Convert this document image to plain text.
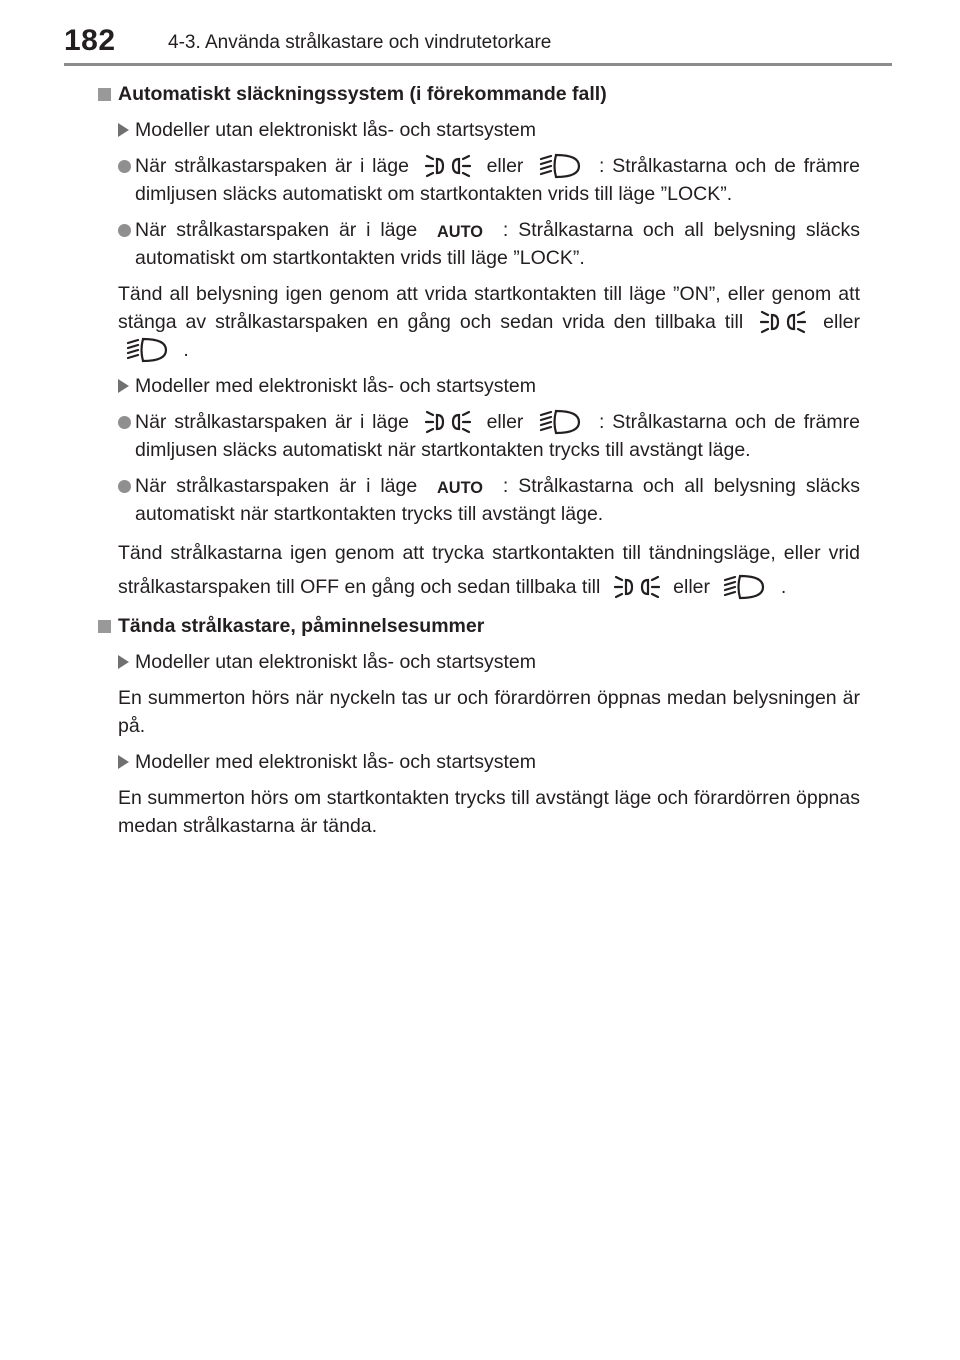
182	4-3. Använda strålkastare och vindrutetorkare
Automatiskt släckningssystem (i förekommande fall)
Modeller utan elektroniskt lås- och startsystem
När strålkastarspaken är i läge	eller	: Strålkastarna och de främre dimljusen släcks automatiskt om startkontakten vrids till läge ”LOCK”.
När strålkastarspaken är i läge AUTO : Strålkastarna och all belysning släcks automatiskt om startkontakten vrids till läge ”LOCK”.
Tänd all belysning igen genom att vrida startkontakten till läge ”ON”, eller genom att stänga av strålkastarspaken en gång och sedan vrida den tillbaka till	eller
.
Modeller med elektroniskt lås- och startsystem
När strålkastarspaken är i läge	eller	: Strålkastarna och de främre dimljusen släcks automatiskt när startkontakten trycks till avstängt läge.
När strålkastarspaken är i läge AUTO : Strålkastarna och all belysning släcks automatiskt när startkontakten trycks till avstängt läge.
Tänd strålkastarna igen genom att trycka startkontakten till tändningsläge, eller vrid strålkastarspaken till OFF en gång och sedan tillbaka till	eller	.
Tända strålkastare, påminnelsesummer
Modeller utan elektroniskt lås- och startsystem
En summerton hörs när nyckeln tas ur och förardörren öppnas medan belysningen är på.
Modeller med elektroniskt lås- och startsystem
En summerton hörs om startkontakten trycks till avstängt läge och förardörren öppnas medan strålkastarna är tända.
